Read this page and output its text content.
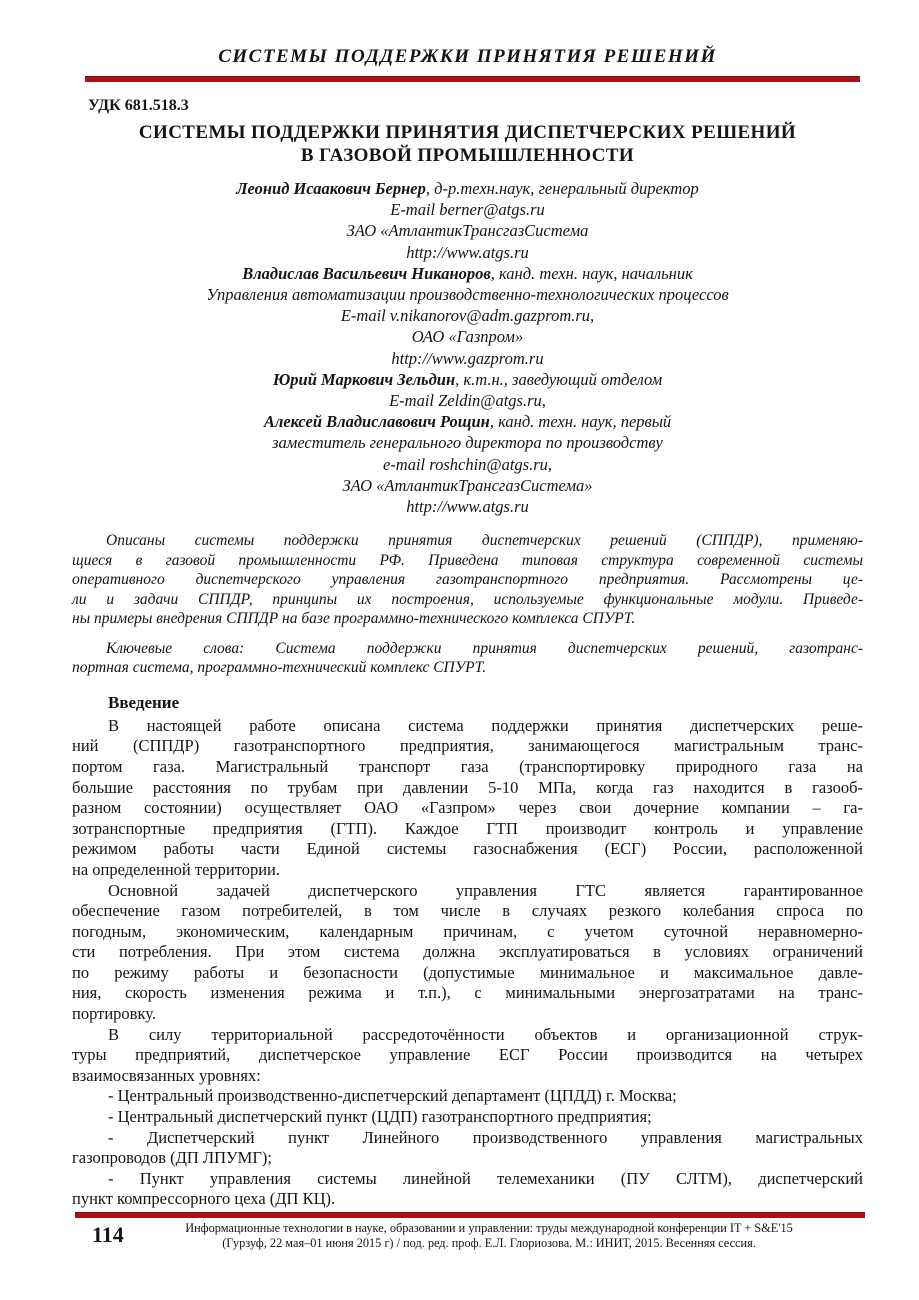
СИСТЕМЫ ПОДДЕРЖКИ ПРИНЯТИЯ РЕШЕНИЙ
УДК 681.518.3
СИСТЕМЫ ПОДДЕРЖКИ ПРИНЯТИЯ ДИСПЕТЧЕРСКИХ РЕШЕНИЙ
В ГАЗОВОЙ ПРОМЫШЛЕННОСТИ
Леонид Исаакович Бернер, д-р.техн.наук, генеральный директор
E-mail berner@atgs.ru
ЗАО «АтлантикТрансгазСистема
http://www.atgs.ru
Владислав Васильевич Никаноров, канд. техн. наук, начальник
Управления автоматизации производственно-технологических процессов
E-mail v.nikanorov@adm.gazprom.ru,
ОАО «Газпром»
http://www.gazprom.ru
Юрий Маркович Зельдин, к.т.н., заведующий отделом
E-mail Zeldin@atgs.ru,
Алексей Владиславович Рощин, канд. техн. наук, первый
заместитель генерального директора по производству
e-mail roshchin@atgs.ru,
ЗАО «АтлантикТрансгазСистема»
http://www.atgs.ru
Описаны системы поддержки принятия диспетчерских решений (СППДР), применяю-
щиеся в газовой промышленности РФ. Приведена типовая структура современной системы
оперативного диспетчерского управления газотранспортного предприятия. Рассмотрены це-
ли и задачи СППДР, принципы их построения, используемые функциональные модули. Приведе-
ны примеры внедрения СППДР на базе программно-технического комплекса СПУРТ.
Ключевые слова: Система поддержки принятия диспетчерских решений, газотранс-
портная система, программно-технический комплекс СПУРТ.
Введение
В настоящей работе описана система поддержки принятия диспетчерских реше-
ний (СППДР) газотранспортного предприятия, занимающегося магистральным транс-
портом газа. Магистральный транспорт газа (транспортировку природного газа на
большие расстояния по трубам при давлении 5-10 МПа, когда газ находится в газооб-
разном состоянии) осуществляет ОАО «Газпром» через свои дочерние компании – га-
зотранспортные предприятия (ГТП). Каждое ГТП производит контроль и управление
режимом работы части Единой системы газоснабжения (ЕСГ) России, расположенной
на определенной территории.
Основной задачей диспетчерского управления ГТС является гарантированное
обеспечение газом потребителей, в том числе в случаях резкого колебания спроса по
погодным, экономическим, календарным причинам, с учетом суточной неравномерно-
сти потребления. При этом система должна эксплуатироваться в условиях ограничений
по режиму работы и безопасности (допустимые минимальное и максимальное давле-
ния, скорость изменения режима и т.п.), с минимальными энергозатратами на транс-
портировку.
В силу территориальной рассредоточённости объектов и организационной струк-
туры предприятий, диспетчерское управление ЕСГ России производится на четырех
взаимосвязанных уровнях:
- Центральный производственно-диспетчерский департамент (ЦПДД) г. Москва;
- Центральный диспетчерский пункт (ЦДП) газотранспортного предприятия;
- Диспетчерский пункт Линейного производственного управления магистральных
газопроводов (ДП ЛПУМГ);
- Пункт управления системы линейной телемеханики (ПУ СЛТМ), диспетчерский
пункт компрессорного цеха (ДП КЦ).
114	Информационные технологии в науке, образовании и управлении: труды международной конференции IT + S&E'15
(Гурзуф, 22 мая–01 июня 2015 г) / под. ред. проф. Е.Л. Глориозова. М.: ИНИТ, 2015. Весенняя сессия.
